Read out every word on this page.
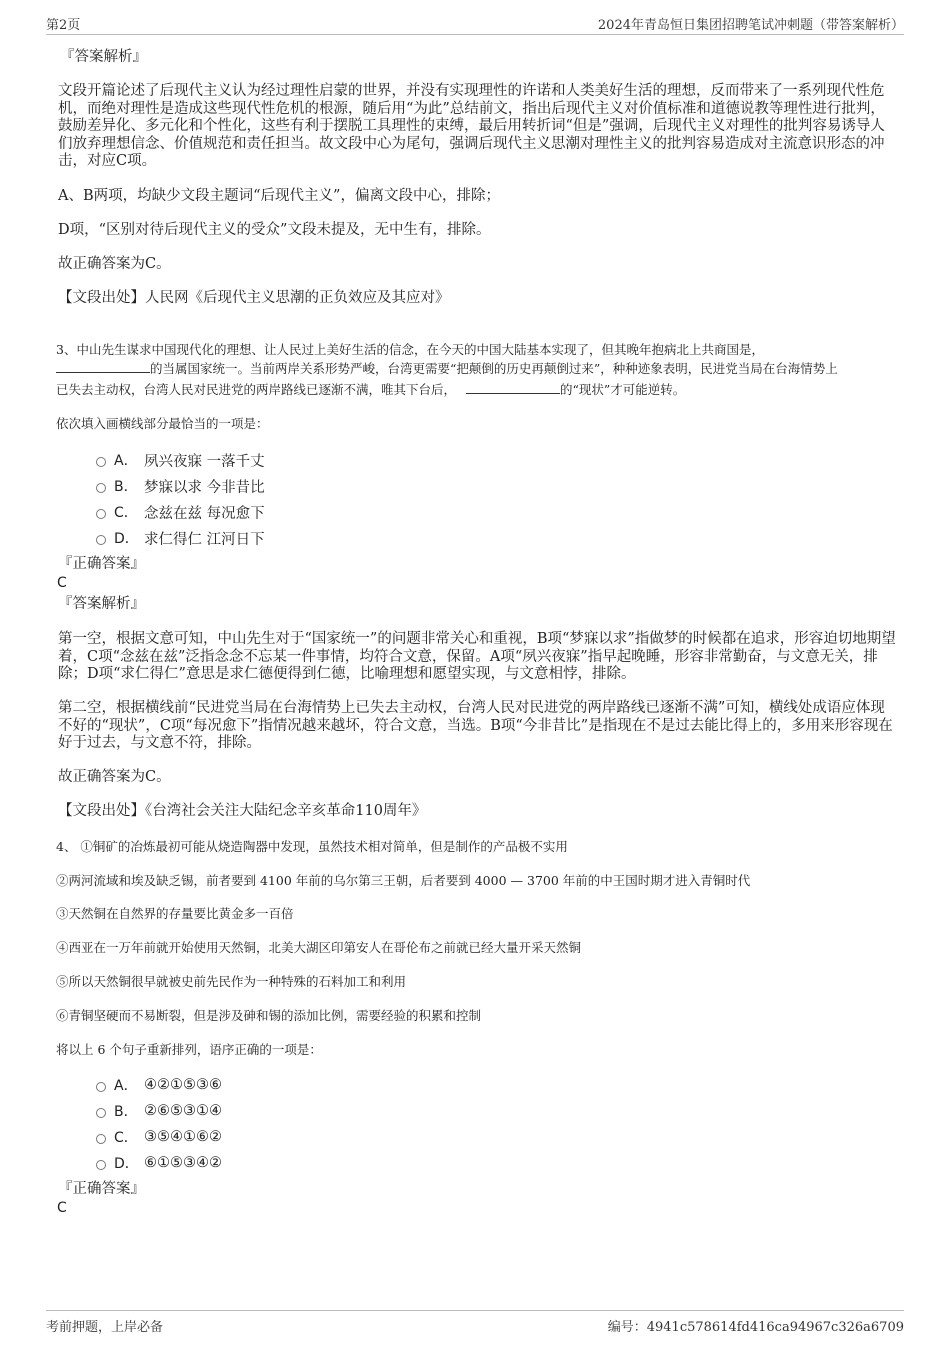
第2页	2024年青岛恒日集团招聘笔试冲刺题（带答案解析）
『答案解析』
文段开篇论述了后现代主义认为经过理性启蒙的世界，并没有实现理性的许诺和人类美好生活的理想，反而带来了一系列现代性危机，而绝对理性是造成这些现代性危机的根源，随后用“为此”总结前文，指出后现代主义对价值标准和道德说教等理性进行批判，鼓励差异化、多元化和个性化，这些有利于摆脱工具理性的束缚，最后用转折词“但是”强调，后现代主义对理性的批判容易诱导人们放弃理想信念、价值规范和责任担当。故文段中心为尾句，强调后现代主义思潮对理性主义的批判容易造成对主流意识形态的冲击，对应C项。
A、B两项，均缺少文段主题词“后现代主义”，偏离文段中心，排除；
D项，“区别对待后现代主义的受众”文段未提及，无中生有，排除。
故正确答案为C。
【文段出处】人民网《后现代主义思潮的正负效应及其应对》
3、中山先生谋求中国现代化的理想、让人民过上美好生活的信念，在今天的中国大陆基本实现了，但其晚年抱病北上共商国是，
的当属国家统一。当前两岸关系形势严峻，台湾更需要“把颠倒的历史再颠倒过来”，种种迹象表明，民进党当局在台海情势上
已失去主动权，台湾人民对民进党的两岸路线已逐渐不满，唯其下台后，	的“现状”才可能逆转。
依次填入画横线部分最恰当的一项是：
A． 夙兴夜寐 一落千丈
B． 梦寐以求 今非昔比
C． 念兹在兹 每况愈下
D． 求仁得仁 江河日下
『正确答案』
C
『答案解析』
第一空，根据文意可知，中山先生对于“国家统一”的问题非常关心和重视，B项“梦寐以求”指做梦的时候都在追求，形容迫切地期望着，C项“念兹在兹”泛指念念不忘某一件事情，均符合文意，保留。A项“夙兴夜寐”指早起晚睡，形容非常勤奋，与文意无关，排除；D项“求仁得仁”意思是求仁德便得到仁德，比喻理想和愿望实现，与文意相悖，排除。
第二空，根据横线前“民进党当局在台海情势上已失去主动权，台湾人民对民进党的两岸路线已逐渐不满”可知，横线处成语应体现不好的“现状”，C项“每况愈下”指情况越来越坏，符合文意，当选。B项“今非昔比”是指现在不是过去能比得上的，多用来形容现在好于过去，与文意不符，排除。
故正确答案为C。
【文段出处】《台湾社会关注大陆纪念辛亥革命110周年》
4、 ①铜矿的冶炼最初可能从烧造陶器中发现，虽然技术相对简单，但是制作的产品极不实用
②两河流域和埃及缺乏锡，前者要到 4100 年前的乌尔第三王朝，后者要到 4000 — 3700 年前的中王国时期才进入青铜时代
③天然铜在自然界的存量要比黄金多一百倍
④西亚在一万年前就开始使用天然铜，北美大湖区印第安人在哥伦布之前就已经大量开采天然铜
⑤所以天然铜很早就被史前先民作为一种特殊的石料加工和利用
⑥青铜坚硬而不易断裂，但是涉及砷和锡的添加比例，需要经验的积累和控制
将以上 6 个句子重新排列，语序正确的一项是：
A． ④②①⑤③⑥
B． ②⑥⑤③①④
C． ③⑤④①⑥②
D． ⑥①⑤③④②
『正确答案』
C
考前押题，上岸必备	编号：4941c578614fd416ca94967c326a6709
